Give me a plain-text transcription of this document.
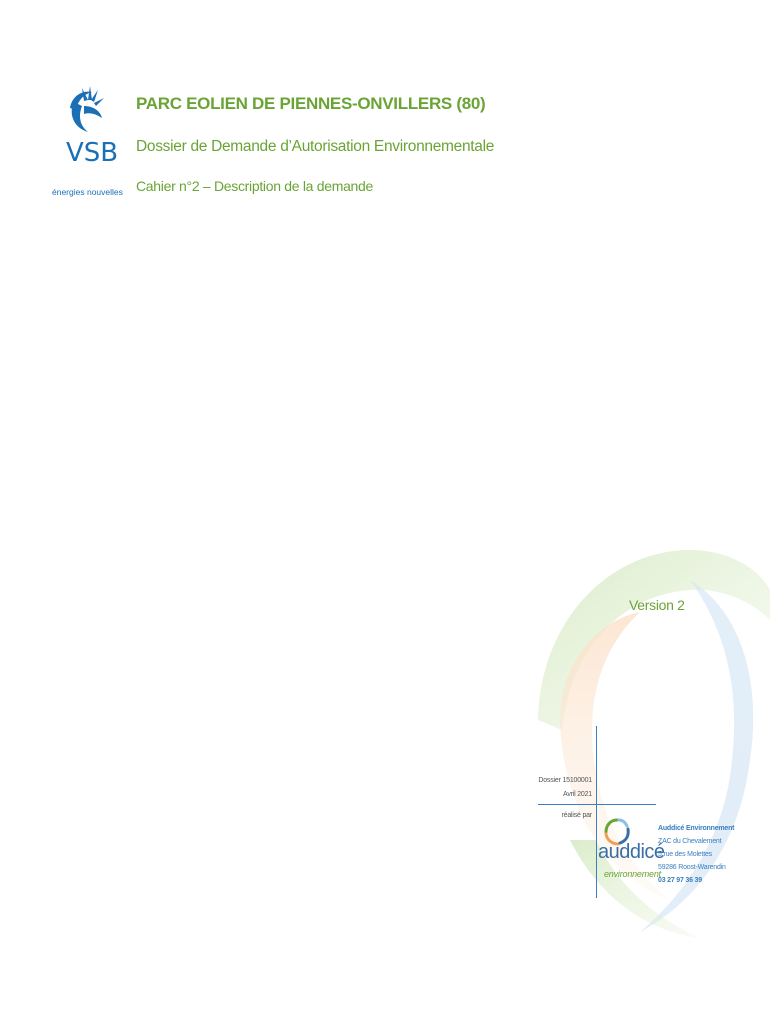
VSB
énergies nouvelles
PARC EOLIEN DE PIENNES-ONVILLERS (80)

Dossier de Demande d’Autorisation Environnementale

Cahier n°2 – Description de la demande

Version 2
Dossier 15100001
Avril 2021
réalisé par
auddicé
environnement
Auddicé Environnement
ZAC du Chevalement
5 rue des Molettes
59286 Roost-Warendin
03 27 97 36 39
